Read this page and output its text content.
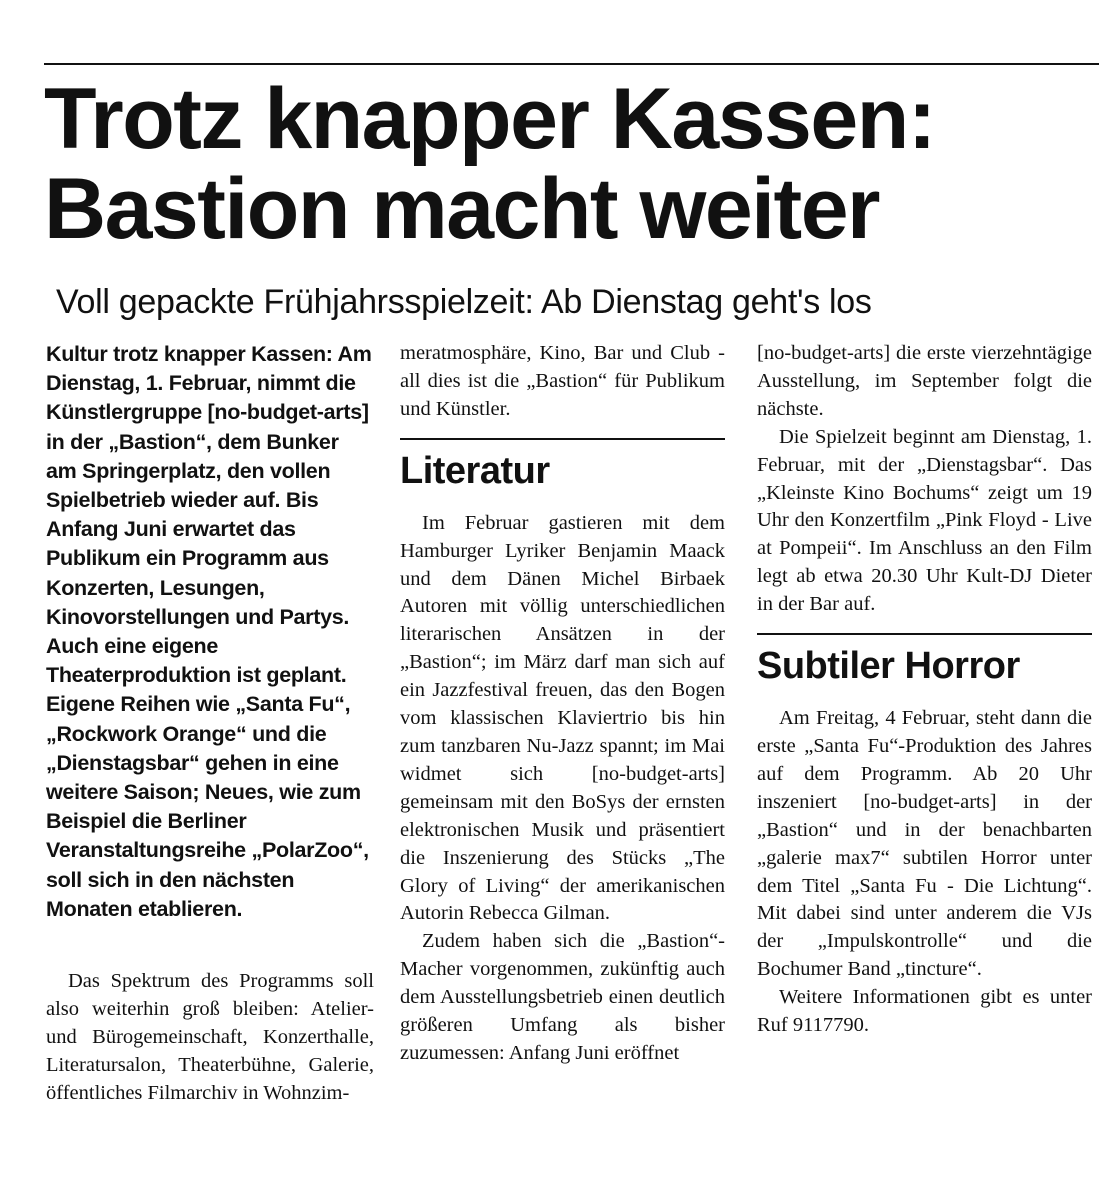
Trotz knapper Kassen:
Bastion macht weiter
Voll gepackte Frühjahrsspielzeit: Ab Dienstag geht's los

Kultur trotz knapper Kassen: Am Dienstag, 1. Februar, nimmt die Künstlergruppe [no-budget-arts] in der „Bastion“, dem Bunker am Springerplatz, den vollen Spielbetrieb wieder auf. Bis Anfang Juni erwartet das Publikum ein Programm aus Konzerten, Lesungen, Kinovorstellungen und Partys. Auch eine eigene Theaterproduktion ist geplant. Eigene Reihen wie „Santa Fu“, „Rockwork Orange“ und die „Dienstagsbar“ gehen in eine weitere Saison; Neues, wie zum Beispiel die Berliner Veranstaltungsreihe „PolarZoo“, soll sich in den nächsten Monaten etablieren.

Das Spektrum des Programms soll also weiterhin groß bleiben: Atelier- und Bürogemeinschaft, Konzerthalle, Literatursalon, Theaterbühne, Galerie, öffentliches Filmarchiv in Wohnzim-

meratmosphäre, Kino, Bar und Club - all dies ist die „Bastion“ für Publikum und Künstler.

Literatur

Im Februar gastieren mit dem Hamburger Lyriker Benjamin Maack und dem Dänen Michel Birbaek Autoren mit völlig unterschiedlichen literarischen Ansätzen in der „Bastion“; im März darf man sich auf ein Jazzfestival freuen, das den Bogen vom klassischen Klaviertrio bis hin zum tanzbaren Nu-Jazz spannt; im Mai widmet sich [no-budget-arts] gemeinsam mit den BoSys der ernsten elektronischen Musik und präsentiert die Inszenierung des Stücks „The Glory of Living“ der amerikanischen Autorin Rebecca Gilman.

Zudem haben sich die „Bastion“-Macher vorgenommen, zukünftig auch dem Ausstellungsbetrieb einen deutlich größeren Umfang als bisher zuzumessen: Anfang Juni eröffnet

[no-budget-arts] die erste vierzehntägige Ausstellung, im September folgt die nächste.

Die Spielzeit beginnt am Dienstag, 1. Februar, mit der „Dienstagsbar“. Das „Kleinste Kino Bochums“ zeigt um 19 Uhr den Konzertfilm „Pink Floyd - Live at Pompeii“. Im Anschluss an den Film legt ab etwa 20.30 Uhr Kult-DJ Dieter in der Bar auf.

Subtiler Horror

Am Freitag, 4 Februar, steht dann die erste „Santa Fu“-Produktion des Jahres auf dem Programm. Ab 20 Uhr inszeniert [no-budget-arts] in der „Bastion“ und in der benachbarten „galerie max7“ subtilen Horror unter dem Titel „Santa Fu - Die Lichtung“. Mit dabei sind unter anderem die VJs der „Impulskontrolle“ und die Bochumer Band „tincture“.

Weitere Informationen gibt es unter Ruf 9117790.
